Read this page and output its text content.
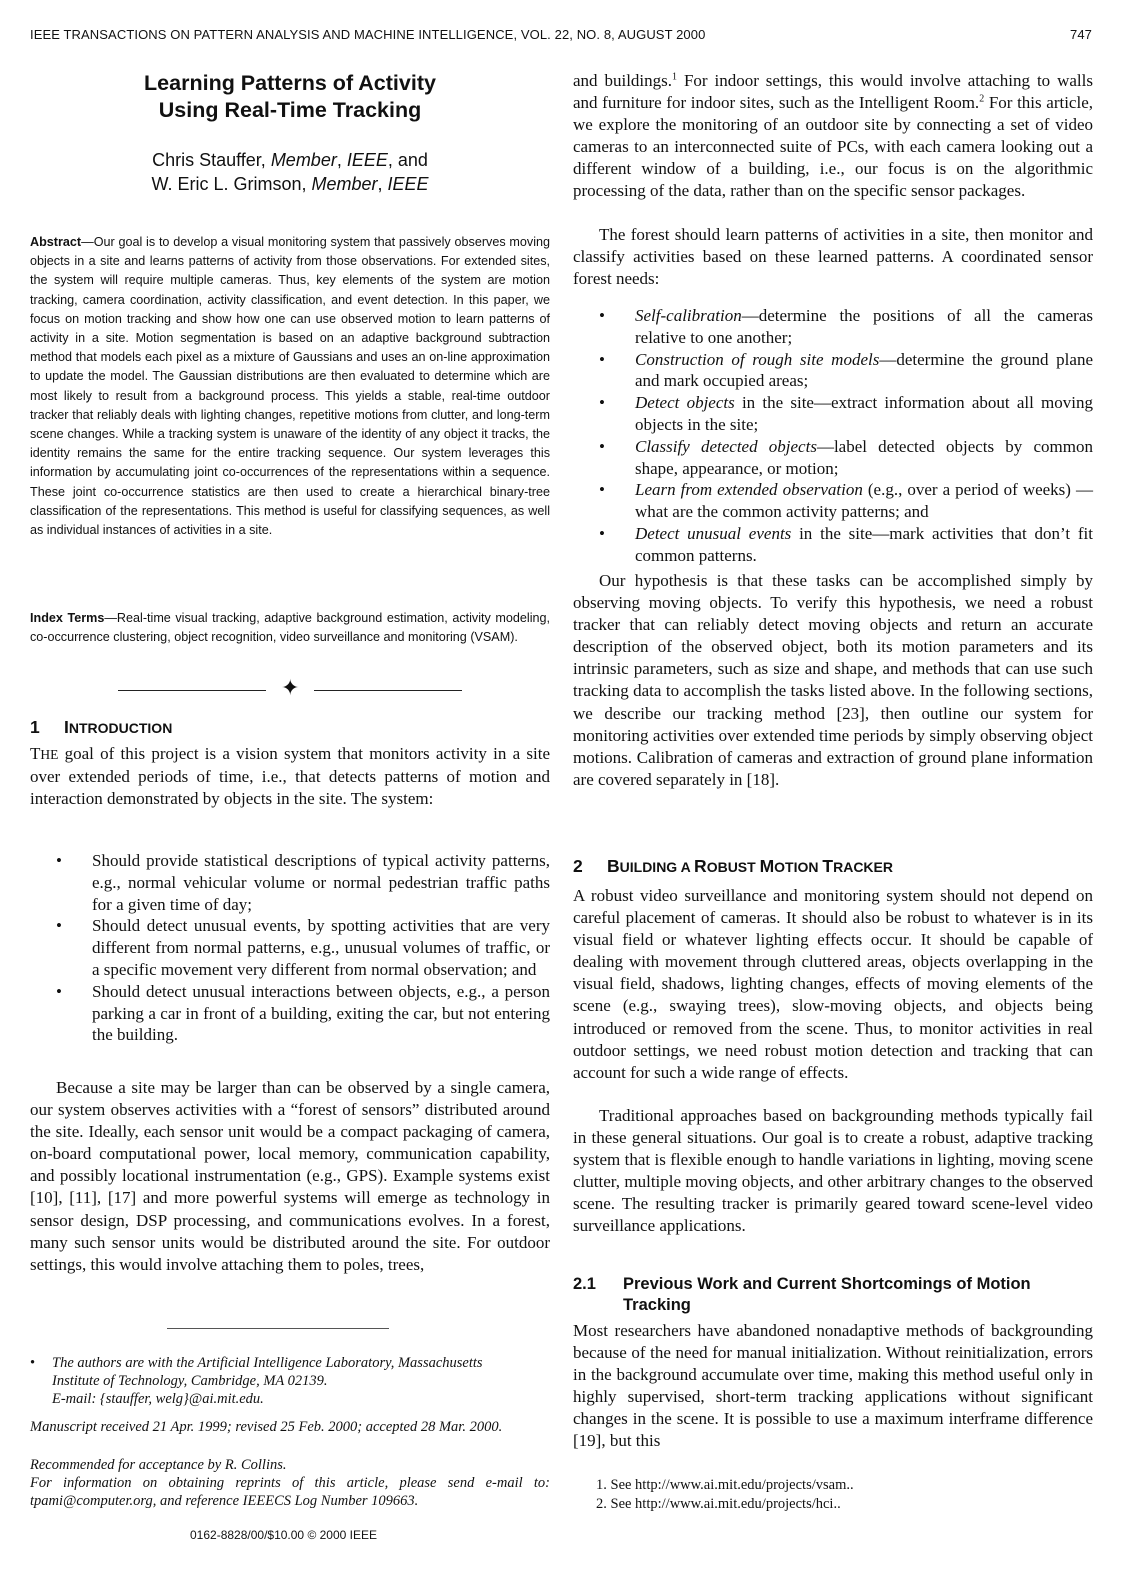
IEEE TRANSACTIONS ON PATTERN ANALYSIS AND MACHINE INTELLIGENCE, VOL. 22, NO. 8, AUGUST 2000	747
Learning Patterns of Activity
Using Real-Time Tracking
Chris Stauffer, Member, IEEE, and
W. Eric L. Grimson, Member, IEEE
Abstract—Our goal is to develop a visual monitoring system that passively observes moving objects in a site and learns patterns of activity from those observations. For extended sites, the system will require multiple cameras. Thus, key elements of the system are motion tracking, camera coordination, activity classification, and event detection. In this paper, we focus on motion tracking and show how one can use observed motion to learn patterns of activity in a site. Motion segmentation is based on an adaptive background subtraction method that models each pixel as a mixture of Gaussians and uses an on-line approximation to update the model. The Gaussian distributions are then evaluated to determine which are most likely to result from a background process. This yields a stable, real-time outdoor tracker that reliably deals with lighting changes, repetitive motions from clutter, and long-term scene changes. While a tracking system is unaware of the identity of any object it tracks, the identity remains the same for the entire tracking sequence. Our system leverages this information by accumulating joint co-occurrences of the representations within a sequence. These joint co-occurrence statistics are then used to create a hierarchical binary-tree classification of the representations. This method is useful for classifying sequences, as well as individual instances of activities in a site.
Index Terms—Real-time visual tracking, adaptive background estimation, activity modeling, co-occurrence clustering, object recognition, video surveillance and monitoring (VSAM).
✦
1 INTRODUCTION
THE goal of this project is a vision system that monitors activity in a site over extended periods of time, i.e., that detects patterns of motion and interaction demonstrated by objects in the site. The system:
• Should provide statistical descriptions of typical activity patterns, e.g., normal vehicular volume or normal pedestrian traffic paths for a given time of day;
• Should detect unusual events, by spotting activities that are very different from normal patterns, e.g., unusual volumes of traffic, or a specific movement very different from normal observation; and
• Should detect unusual interactions between objects, e.g., a person parking a car in front of a building, exiting the car, but not entering the building.
Because a site may be larger than can be observed by a single camera, our system observes activities with a “forest of sensors” distributed around the site. Ideally, each sensor unit would be a compact packaging of camera, on-board computational power, local memory, communication capability, and possibly locational instrumentation (e.g., GPS). Example systems exist [10], [11], [17] and more powerful systems will emerge as technology in sensor design, DSP processing, and communications evolves. In a forest, many such sensor units would be distributed around the site. For outdoor settings, this would involve attaching them to poles, trees,
• The authors are with the Artificial Intelligence Laboratory, Massachusetts
Institute of Technology, Cambridge, MA 02139.
E-mail: {stauffer, welg}@ai.mit.edu.
Manuscript received 21 Apr. 1999; revised 25 Feb. 2000; accepted 28 Mar. 2000.
Recommended for acceptance by R. Collins.
For information on obtaining reprints of this article, please send e-mail to: tpami@computer.org, and reference IEEECS Log Number 109663.
and buildings.$^1$ For indoor settings, this would involve attaching to walls and furniture for indoor sites, such as the Intelligent Room.$^2$ For this article, we explore the monitoring of an outdoor site by connecting a set of video cameras to an interconnected suite of PCs, with each camera looking out a different window of a building, i.e., our focus is on the algorithmic processing of the data, rather than on the specific sensor packages.
The forest should learn patterns of activities in a site, then monitor and classify activities based on these learned patterns. A coordinated sensor forest needs:
• Self-calibration—determine the positions of all the cameras relative to one another;
• Construction of rough site models—determine the ground plane and mark occupied areas;
• Detect objects in the site—extract information about all moving objects in the site;
• Classify detected objects—label detected objects by common shape, appearance, or motion;
• Learn from extended observation (e.g., over a period of weeks) —what are the common activity patterns; and
• Detect unusual events in the site—mark activities that don’t fit common patterns.
Our hypothesis is that these tasks can be accomplished simply by observing moving objects. To verify this hypothesis, we need a robust tracker that can reliably detect moving objects and return an accurate description of the observed object, both its motion parameters and its intrinsic parameters, such as size and shape, and methods that can use such tracking data to accomplish the tasks listed above. In the following sections, we describe our tracking method [23], then outline our system for monitoring activities over extended time periods by simply observing object motions. Calibration of cameras and extraction of ground plane information are covered separately in [18].
2 BUILDING A ROBUST MOTION TRACKER
A robust video surveillance and monitoring system should not depend on careful placement of cameras. It should also be robust to whatever is in its visual field or whatever lighting effects occur. It should be capable of dealing with movement through cluttered areas, objects overlapping in the visual field, shadows, lighting changes, effects of moving elements of the scene (e.g., swaying trees), slow-moving objects, and objects being introduced or removed from the scene. Thus, to monitor activities in real outdoor settings, we need robust motion detection and tracking that can account for such a wide range of effects.
Traditional approaches based on backgrounding methods typically fail in these general situations. Our goal is to create a robust, adaptive tracking system that is flexible enough to handle variations in lighting, moving scene clutter, multiple moving objects, and other arbitrary changes to the observed scene. The resulting tracker is primarily geared toward scene-level video surveillance applications.
2.1 Previous Work and Current Shortcomings of Motion
Tracking
Most researchers have abandoned nonadaptive methods of backgrounding because of the need for manual initialization. Without reinitialization, errors in the background accumulate over time, making this method useful only in highly supervised, short-term tracking applications without significant changes in the scene. It is possible to use a maximum interframe difference [19], but this
1. See http://www.ai.mit.edu/projects/vsam..
2. See http://www.ai.mit.edu/projects/hci..
0162-8828/00/$10.00 © 2000 IEEE
